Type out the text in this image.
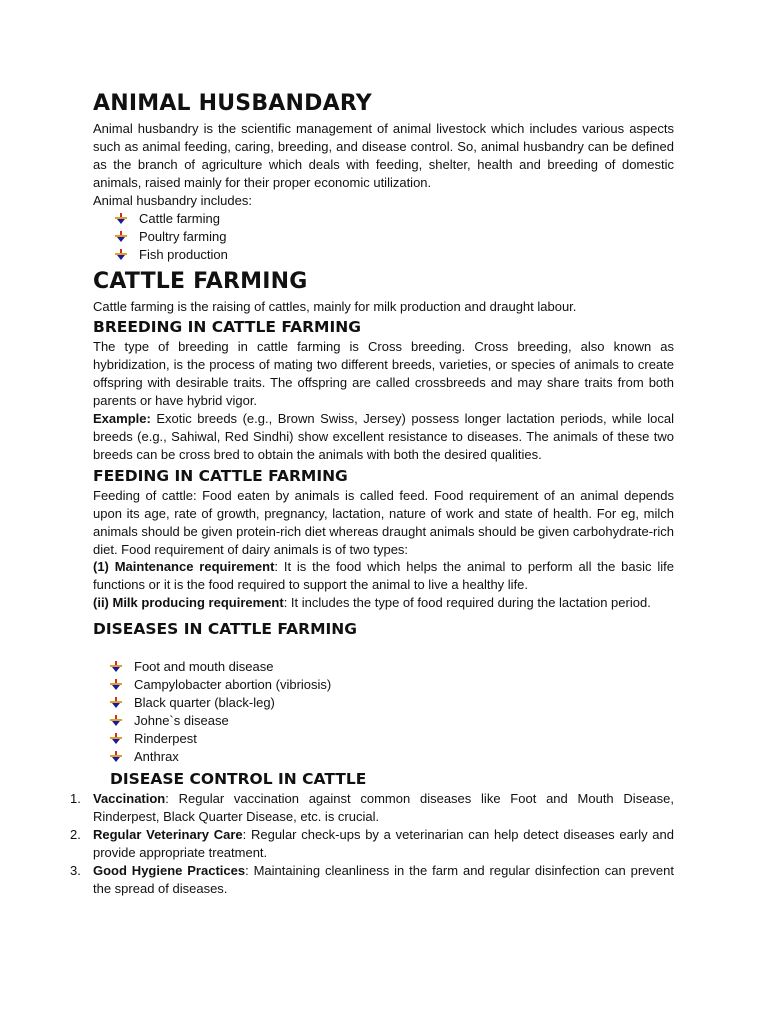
ANIMAL HUSBANDARY

Animal husbandry is the scientific management of animal livestock which includes various aspects such as animal feeding, caring, breeding, and disease control. So, animal husbandry can be defined as the branch of agriculture which deals with feeding, shelter, health and breeding of domestic animals, raised mainly for their proper economic utilization.

Animal husbandry includes:

Cattle farming
Poultry farming
Fish production
CATTLE FARMING

Cattle farming is the raising of cattles, mainly for milk production and draught labour.

BREEDING IN CATTLE FARMING

The type of breeding in cattle farming is Cross breeding. Cross breeding, also known as hybridization, is the process of mating two different breeds, varieties, or species of animals to create offspring with desirable traits. The offspring are called crossbreeds and may share traits from both parents or have hybrid vigor.

Example: Exotic breeds (e.g., Brown Swiss, Jersey) possess longer lactation periods, while local breeds (e.g., Sahiwal, Red Sindhi) show excellent resistance to diseases. The animals of these two breeds can be cross bred to obtain the animals with both the desired qualities.

FEEDING IN CATTLE FARMING

Feeding of cattle: Food eaten by animals is called feed. Food requirement of an animal depends upon its age, rate of growth, pregnancy, lactation, nature of work and state of health. For eg, milch animals should be given protein-rich diet whereas draught animals should be given carbohydrate-rich diet. Food requirement of dairy animals is of two types:

(1) Maintenance requirement: It is the food which helps the animal to perform all the basic life functions or it is the food required to support the animal to live a healthy life.

(ii) Milk producing requirement: It includes the type of food required during the lactation period.

DISEASES IN CATTLE FARMING
Foot and mouth disease
Campylobacter abortion (vibriosis)
Black quarter (black-leg)
Johne`s disease
Rinderpest
Anthrax
DISEASE CONTROL IN CATTLE
1. Vaccination: Regular vaccination against common diseases like Foot and Mouth Disease, Rinderpest, Black Quarter Disease, etc. is crucial.
2. Regular Veterinary Care: Regular check-ups by a veterinarian can help detect diseases early and provide appropriate treatment.
3. Good Hygiene Practices: Maintaining cleanliness in the farm and regular disinfection can prevent the spread of diseases.
